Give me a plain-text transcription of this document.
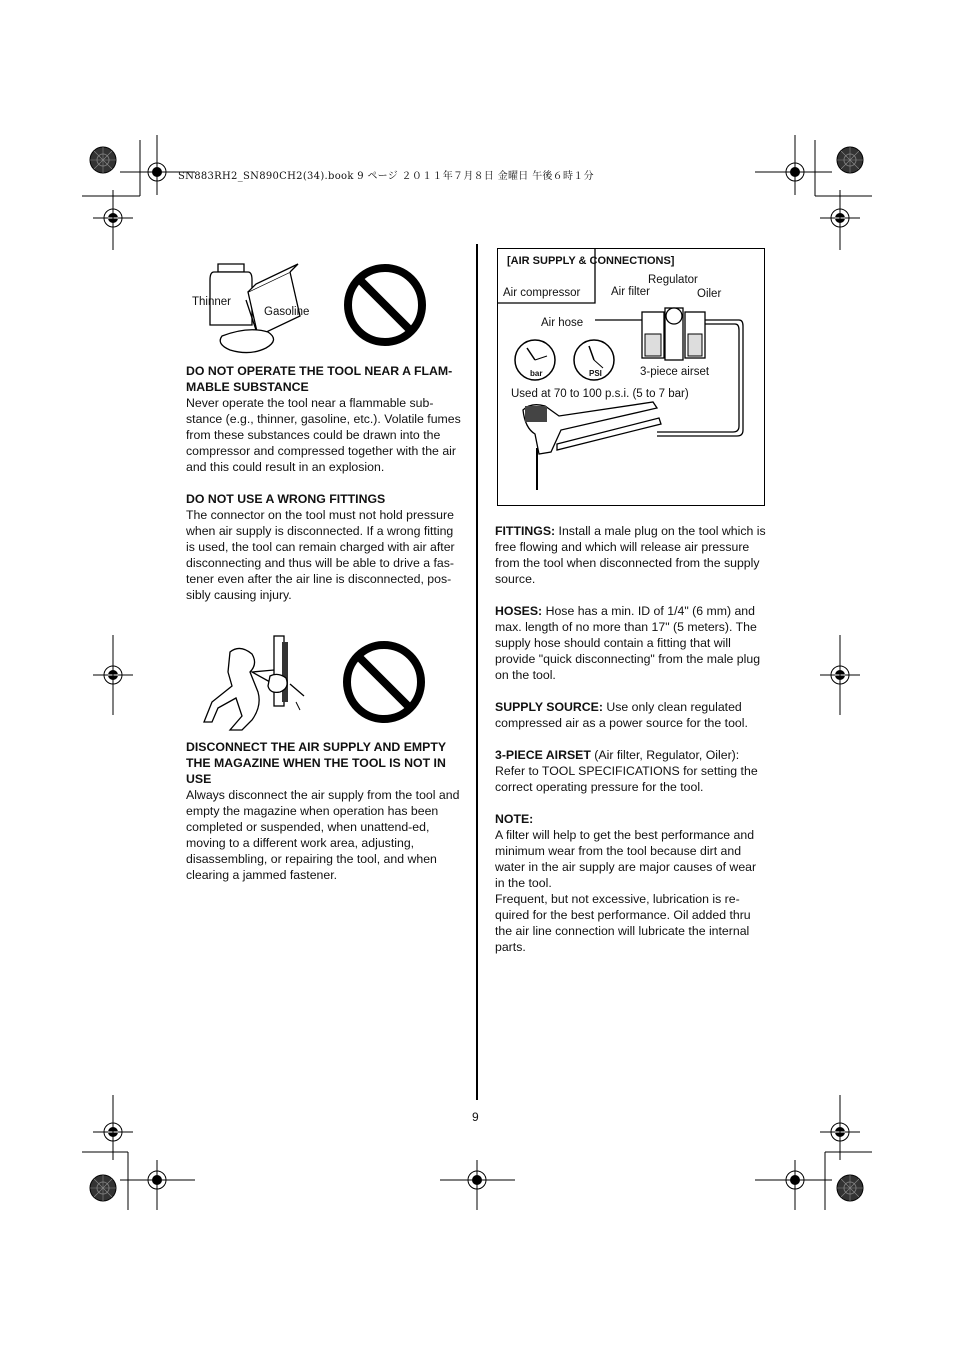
SN883RH2_SN890CH2(34).book 9 ページ ２０１１年７月８日 金曜日 午後６時１分
Thinner
Gasoline

DO NOT OPERATE THE TOOL NEAR A FLAM-MABLE SUBSTANCE

Never operate the tool near a flammable sub-stance (e.g., thinner, gasoline, etc.). Volatile fumes from these substances could be drawn into the compressor and compressed together with the air and this could result in an explosion.

DO NOT USE A WRONG FITTINGS

The connector on the tool must not hold pressure when air supply is disconnected. If a wrong fitting is used, the tool can remain charged with air after disconnecting and thus will be able to drive a fas-tener even after the air line is disconnected, pos-sibly causing injury.

DISCONNECT THE AIR SUPPLY AND EMPTY THE MAGAZINE WHEN THE TOOL IS NOT IN USE

Always disconnect the air supply from the tool and empty the magazine when operation has been completed or suspended, when unattend-ed, moving to a different work area, adjusting, disassembling, or repairing the tool, and when clearing a jammed fastener.

[AIR SUPPLY & CONNECTIONS]
Air compressor
Regulator
Air filter	Oiler
Air hose
3-piece airset
Used at 70 to 100 p.s.i. (5 to 7 bar)
bar	PSI

FITTINGS: Install a male plug on the tool which is free flowing and which will release air pressure from the tool when disconnected from the supply source.

HOSES: Hose has a min. ID of 1/4" (6 mm) and max. length of no more than 17" (5 meters). The supply hose should contain a fitting that will provide "quick disconnecting" from the male plug on the tool.

SUPPLY SOURCE: Use only clean regulated compressed air as a power source for the tool.

3-PIECE AIRSET (Air filter, Regulator, Oiler): Refer to TOOL SPECIFICATIONS for setting the correct operating pressure for the tool.

NOTE:

A filter will help to get the best performance and minimum wear from the tool because dirt and water in the air supply are major causes of wear in the tool.

Frequent, but not excessive, lubrication is re-quired for the best performance. Oil added thru the air line connection will lubricate the internal parts.

9
